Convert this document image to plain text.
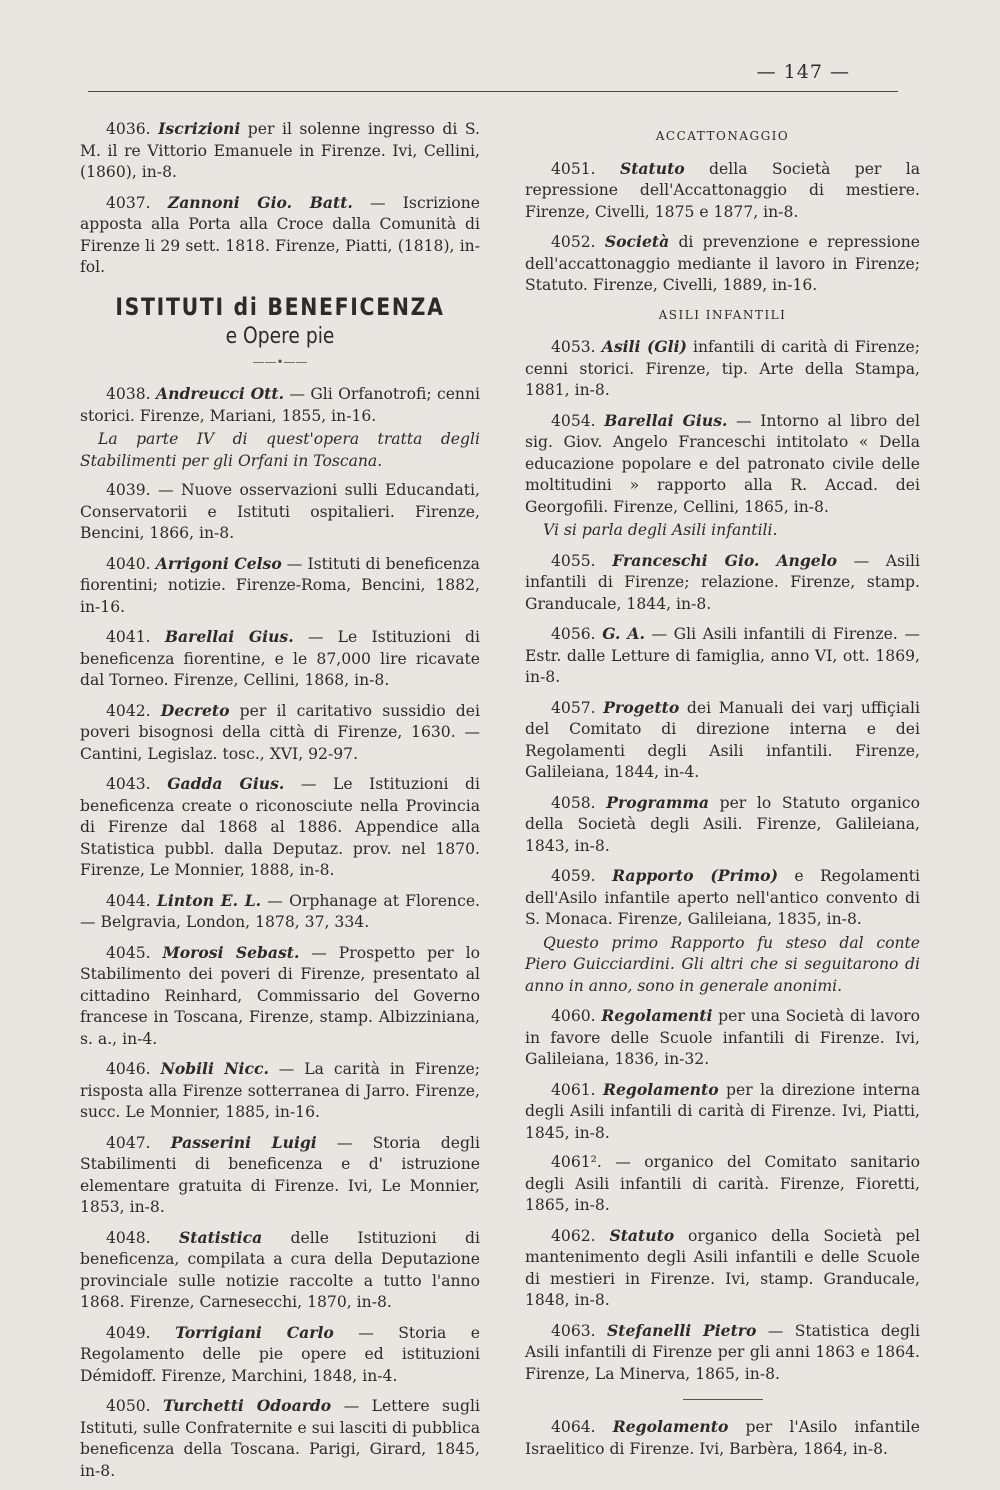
— 147 —

4036. Iscrizioni per il solenne ingresso di S. M. il re Vittorio Emanuele in Firenze. Ivi, Cellini, (1860), in-8.

4037. Zannoni Gio. Batt. — Iscrizione apposta alla Porta alla Croce dalla Comunità di Firenze li 29 sett. 1818. Firenze, Piatti, (1818), in-fol.

ISTITUTI di BENEFICENZA
e Opere pie
——•——

4038. Andreucci Ott. — Gli Orfanotrofi; cenni storici. Firenze, Mariani, 1855, in-16.

La parte IV di quest'opera tratta degli Stabilimenti per gli Orfani in Toscana.

4039. — Nuove osservazioni sulli Educandati, Conservatorii e Istituti ospitalieri. Firenze, Bencini, 1866, in-8.

4040. Arrigoni Celso — Istituti di beneficenza fiorentini; notizie. Firenze-Roma, Bencini, 1882, in-16.

4041. Barellai Gius. — Le Istituzioni di beneficenza fiorentine, e le 87,000 lire ricavate dal Torneo. Firenze, Cellini, 1868, in-8.

4042. Decreto per il caritativo sussidio dei poveri bisognosi della città di Firenze, 1630. — Cantini, Legislaz. tosc., XVI, 92-97.

4043. Gadda Gius. — Le Istituzioni di beneficenza create o riconosciute nella Provincia di Firenze dal 1868 al 1886. Appendice alla Statistica pubbl. dalla Deputaz. prov. nel 1870. Firenze, Le Monnier, 1888, in-8.

4044. Linton E. L. — Orphanage at Florence. — Belgravia, London, 1878, 37, 334.

4045. Morosi Sebast. — Prospetto per lo Stabilimento dei poveri di Firenze, presentato al cittadino Reinhard, Commissario del Governo francese in Toscana, Firenze, stamp. Albizziniana, s. a., in-4.

4046. Nobili Nicc. — La carità in Firenze; risposta alla Firenze sotterranea di Jarro. Firenze, succ. Le Monnier, 1885, in-16.

4047. Passerini Luigi — Storia degli Stabilimenti di beneficenza e d' istruzione elementare gratuita di Firenze. Ivi, Le Monnier, 1853, in-8.

4048. Statistica delle Istituzioni di beneficenza, compilata a cura della Deputazione provinciale sulle notizie raccolte a tutto l'anno 1868. Firenze, Carnesecchi, 1870, in-8.

4049. Torrigiani Carlo — Storia e Regolamento delle pie opere ed istituzioni Démidoff. Firenze, Marchini, 1848, in-4.

4050. Turchetti Odoardo — Lettere sugli Istituti, sulle Confraternite e sui lasciti di pubblica beneficenza della Toscana. Parigi, Girard, 1845, in-8.

ACCATTONAGGIO

4051. Statuto della Società per la repressione dell'Accattonaggio di mestiere. Firenze, Civelli, 1875 e 1877, in-8.

4052. Società di prevenzione e repressione dell'accattonaggio mediante il lavoro in Firenze; Statuto. Firenze, Civelli, 1889, in-16.

ASILI INFANTILI

4053. Asili (Gli) infantili di carità di Firenze; cenni storici. Firenze, tip. Arte della Stampa, 1881, in-8.

4054. Barellai Gius. — Intorno al libro del sig. Giov. Angelo Franceschi intitolato « Della educazione popolare e del patronato civile delle moltitudini » rapporto alla R. Accad. dei Georgofili. Firenze, Cellini, 1865, in-8.

Vi si parla degli Asili infantili.

4055. Franceschi Gio. Angelo — Asili infantili di Firenze; relazione. Firenze, stamp. Granducale, 1844, in-8.

4056. G. A. — Gli Asili infantili di Firenze. — Estr. dalle Letture di famiglia, anno VI, ott. 1869, in-8.

4057. Progetto dei Manuali dei varj uffiçiali del Comitato di direzione interna e dei Regolamenti degli Asili infantili. Firenze, Galileiana, 1844, in-4.

4058. Programma per lo Statuto organico della Società degli Asili. Firenze, Galileiana, 1843, in-8.

4059. Rapporto (Primo) e Regolamenti dell'Asilo infantile aperto nell'antico convento di S. Monaca. Firenze, Galileiana, 1835, in-8.

Questo primo Rapporto fu steso dal conte Piero Guicciardini. Gli altri che si seguitarono di anno in anno, sono in generale anonimi.

4060. Regolamenti per una Società di lavoro in favore delle Scuole infantili di Firenze. Ivi, Galileiana, 1836, in-32.

4061. Regolamento per la direzione interna degli Asili infantili di carità di Firenze. Ivi, Piatti, 1845, in-8.

4061². — organico del Comitato sanitario degli Asili infantili di carità. Firenze, Fioretti, 1865, in-8.

4062. Statuto organico della Società pel mantenimento degli Asili infantili e delle Scuole di mestieri in Firenze. Ivi, stamp. Granducale, 1848, in-8.

4063. Stefanelli Pietro — Statistica degli Asili infantili di Firenze per gli anni 1863 e 1864. Firenze, La Minerva, 1865, in-8.

4064. Regolamento per l'Asilo infantile Israelitico di Firenze. Ivi, Barbèra, 1864, in-8.
